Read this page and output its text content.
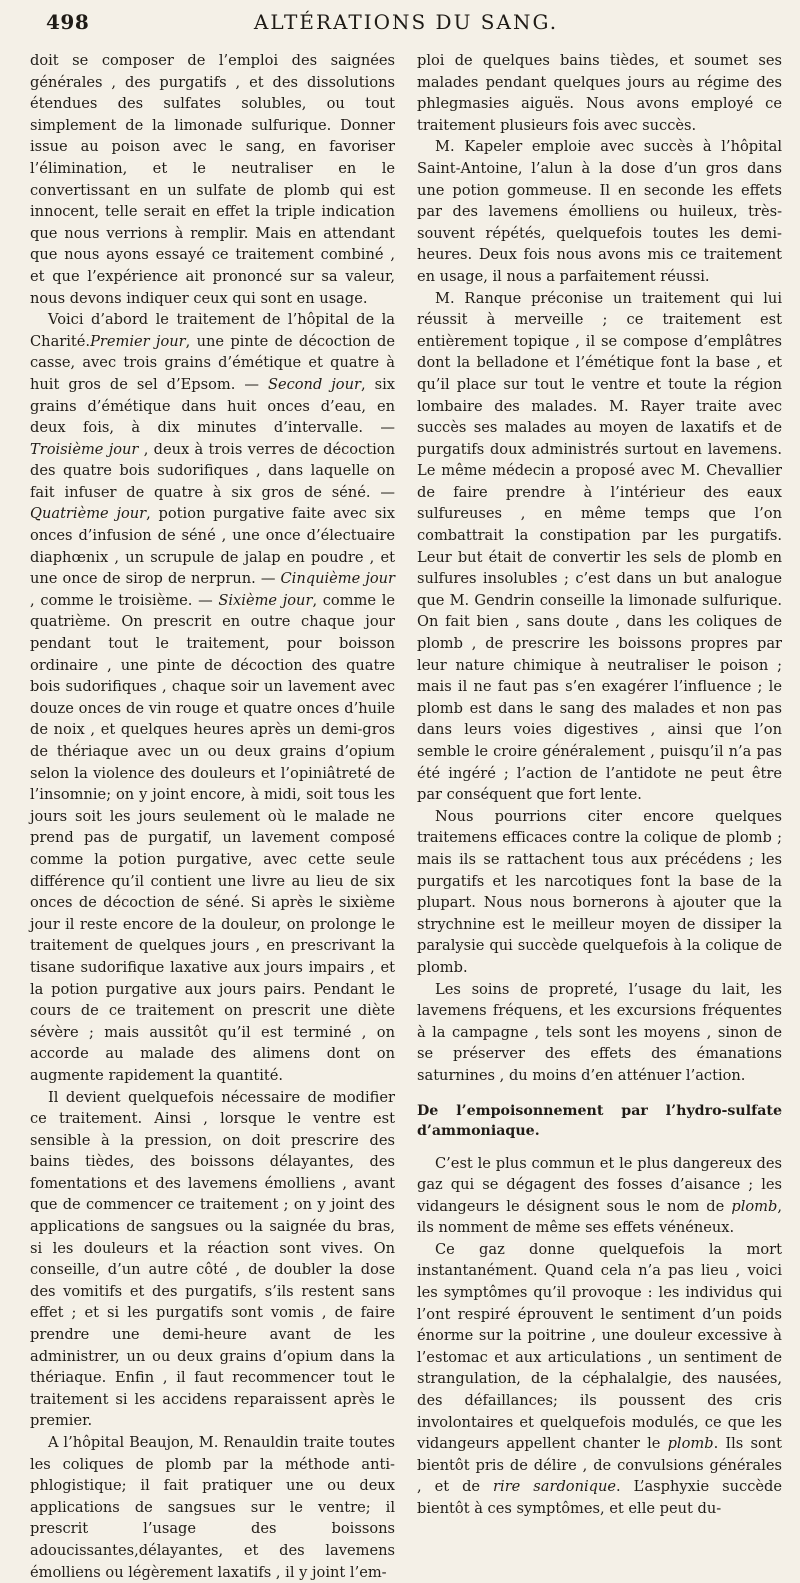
498	ALTÉRATIONS DU SANG.

doit se composer de l’emploi des saignées générales , des purgatifs , et des dissolutions étendues des sulfates solubles, ou tout simplement de la limonade sulfurique. Donner issue au poison avec le sang, en favoriser l’élimination, et le neutraliser en le convertissant en un sulfate de plomb qui est innocent, telle serait en effet la triple indication que nous verrions à remplir. Mais en attendant que nous ayons essayé ce traitement combiné , et que l’expérience ait prononcé sur sa valeur, nous devons indiquer ceux qui sont en usage.

Voici d’abord le traitement de l’hôpital de la Charité.Premier jour, une pinte de décoction de casse, avec trois grains d’émétique et quatre à huit gros de sel d’Epsom. — Second jour, six grains d’émétique dans huit onces d’eau, en deux fois, à dix minutes d’intervalle. — Troisième jour , deux à trois verres de décoction des quatre bois sudorifiques , dans laquelle on fait infuser de quatre à six gros de séné. — Quatrième jour, potion purgative faite avec six onces d’infusion de séné , une once d’électuaire diaphœnix , un scrupule de jalap en poudre , et une once de sirop de nerprun. — Cinquième jour , comme le troisième. — Sixième jour, comme le quatrième. On prescrit en outre chaque jour pendant tout le traitement, pour boisson ordinaire , une pinte de décoction des quatre bois sudorifiques , chaque soir un lavement avec douze onces de vin rouge et quatre onces d’huile de noix , et quelques heures après un demi-gros de thériaque avec un ou deux grains d’opium selon la violence des douleurs et l’opiniâtreté de l’insomnie; on y joint encore, à midi, soit tous les jours soit les jours seulement où le malade ne prend pas de purgatif, un lavement composé comme la potion purgative, avec cette seule différence qu’il contient une livre au lieu de six onces de décoction de séné. Si après le sixième jour il reste encore de la douleur, on prolonge le traitement de quelques jours , en prescrivant la tisane sudorifique laxative aux jours impairs , et la potion purgative aux jours pairs. Pendant le cours de ce traitement on prescrit une diète sévère ; mais aussitôt qu’il est terminé , on accorde au malade des alimens dont on augmente rapidement la quantité.

Il devient quelquefois nécessaire de modifier ce traitement. Ainsi , lorsque le ventre est sensible à la pression, on doit prescrire des bains tièdes, des boissons délayantes, des fomentations et des lavemens émolliens , avant que de commencer ce traitement ; on y joint des applications de sangsues ou la saignée du bras, si les douleurs et la réaction sont vives. On conseille, d’un autre côté , de doubler la dose des vomitifs et des purgatifs, s’ils restent sans effet ; et si les purgatifs sont vomis , de faire prendre une demi-heure avant de les administrer, un ou deux grains d’opium dans la thériaque. Enfin , il faut recommencer tout le traitement si les accidens reparaissent après le premier.

A l’hôpital Beaujon, M. Renauldin traite toutes les coliques de plomb par la méthode anti-phlogistique; il fait pratiquer une ou deux applications de sangsues sur le ventre; il prescrit l’usage des boissons adoucissantes,délayantes, et des lavemens émolliens ou légèrement laxatifs , il y joint l’em-

ploi de quelques bains tièdes, et soumet ses malades pendant quelques jours au régime des phlegmasies aiguës. Nous avons employé ce traitement plusieurs fois avec succès.

M. Kapeler emploie avec succès à l’hôpital Saint-Antoine, l’alun à la dose d’un gros dans une potion gommeuse. Il en seconde les effets par des lavemens émolliens ou huileux, très-souvent répétés, quelquefois toutes les demi-heures. Deux fois nous avons mis ce traitement en usage, il nous a parfaitement réussi.

M. Ranque préconise un traitement qui lui réussit à merveille ; ce traitement est entièrement topique , il se compose d’emplâtres dont la belladone et l’émétique font la base , et qu’il place sur tout le ventre et toute la région lombaire des malades. M. Rayer traite avec succès ses malades au moyen de laxatifs et de purgatifs doux administrés surtout en lavemens. Le même médecin a proposé avec M. Chevallier de faire prendre à l’intérieur des eaux sulfureuses , en même temps que l’on combattrait la constipation par les purgatifs. Leur but était de convertir les sels de plomb en sulfures insolubles ; c’est dans un but analogue que M. Gendrin conseille la limonade sulfurique. On fait bien , sans doute , dans les coliques de plomb , de prescrire les boissons propres par leur nature chimique à neutraliser le poison ; mais il ne faut pas s’en exagérer l’influence ; le plomb est dans le sang des malades et non pas dans leurs voies digestives , ainsi que l’on semble le croire généralement , puisqu’il n’a pas été ingéré ; l’action de l’antidote ne peut être par conséquent que fort lente.

Nous pourrions citer encore quelques traitemens efficaces contre la colique de plomb ; mais ils se rattachent tous aux précédens ; les purgatifs et les narcotiques font la base de la plupart. Nous nous bornerons à ajouter que la strychnine est le meilleur moyen de dissiper la paralysie qui succède quelquefois à la colique de plomb.

Les soins de propreté, l’usage du lait, les lavemens fréquens, et les excursions fréquentes à la campagne , tels sont les moyens , sinon de se préserver des effets des émanations saturnines , du moins d’en atténuer l’action.

De l’empoisonnement par l’hydro-sulfate d’ammoniaque.

C’est le plus commun et le plus dangereux des gaz qui se dégagent des fosses d’aisance ; les vidangeurs le désignent sous le nom de plomb, ils nomment de même ses effets vénéneux.

Ce gaz donne quelquefois la mort instantanément. Quand cela n’a pas lieu , voici les symptômes qu’il provoque : les individus qui l’ont respiré éprouvent le sentiment d’un poids énorme sur la poitrine , une douleur excessive à l’estomac et aux articulations , un sentiment de strangulation, de la céphalalgie, des nausées, des défaillances; ils poussent des cris involontaires et quelquefois modulés, ce que les vidangeurs appellent chanter le plomb. Ils sont bientôt pris de délire , de convulsions générales , et de rire sardonique. L’asphyxie succède bientôt à ces symptômes, et elle peut du-
